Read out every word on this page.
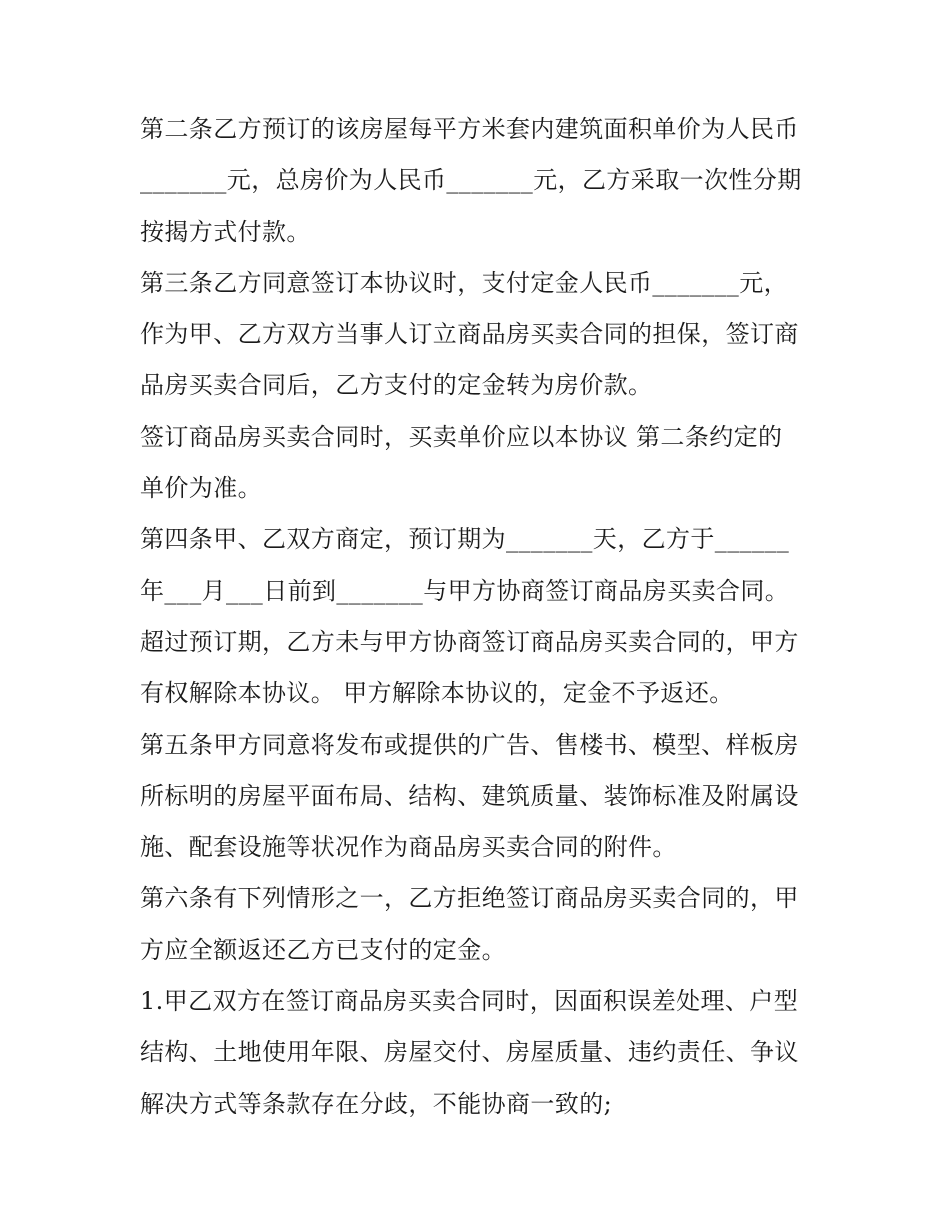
第二条乙方预订的该房屋每平方米套内建筑面积单价为人民币
_______元，总房价为人民币_______元，乙方采取一次性分期
按揭方式付款。
第三条乙方同意签订本协议时，支付定金人民币_______元，
作为甲、乙方双方当事人订立商品房买卖合同的担保，签订商
品房买卖合同后，乙方支付的定金转为房价款。
签订商品房买卖合同时，买卖单价应以本协议 第二条约定的
单价为准。
第四条甲、乙双方商定，预订期为_______天，乙方于______
年___月___日前到_______与甲方协商签订商品房买卖合同。
超过预订期，乙方未与甲方协商签订商品房买卖合同的，甲方
有权解除本协议。 甲方解除本协议的，定金不予返还。
第五条甲方同意将发布或提供的广告、售楼书、模型、样板房
所标明的房屋平面布局、结构、建筑质量、装饰标准及附属设
施、配套设施等状况作为商品房买卖合同的附件。
第六条有下列情形之一，乙方拒绝签订商品房买卖合同的，甲
方应全额返还乙方已支付的定金。
1.甲乙双方在签订商品房买卖合同时，因面积误差处理、户型
结构、土地使用年限、房屋交付、房屋质量、违约责任、争议
解决方式等条款存在分歧，不能协商一致的;
